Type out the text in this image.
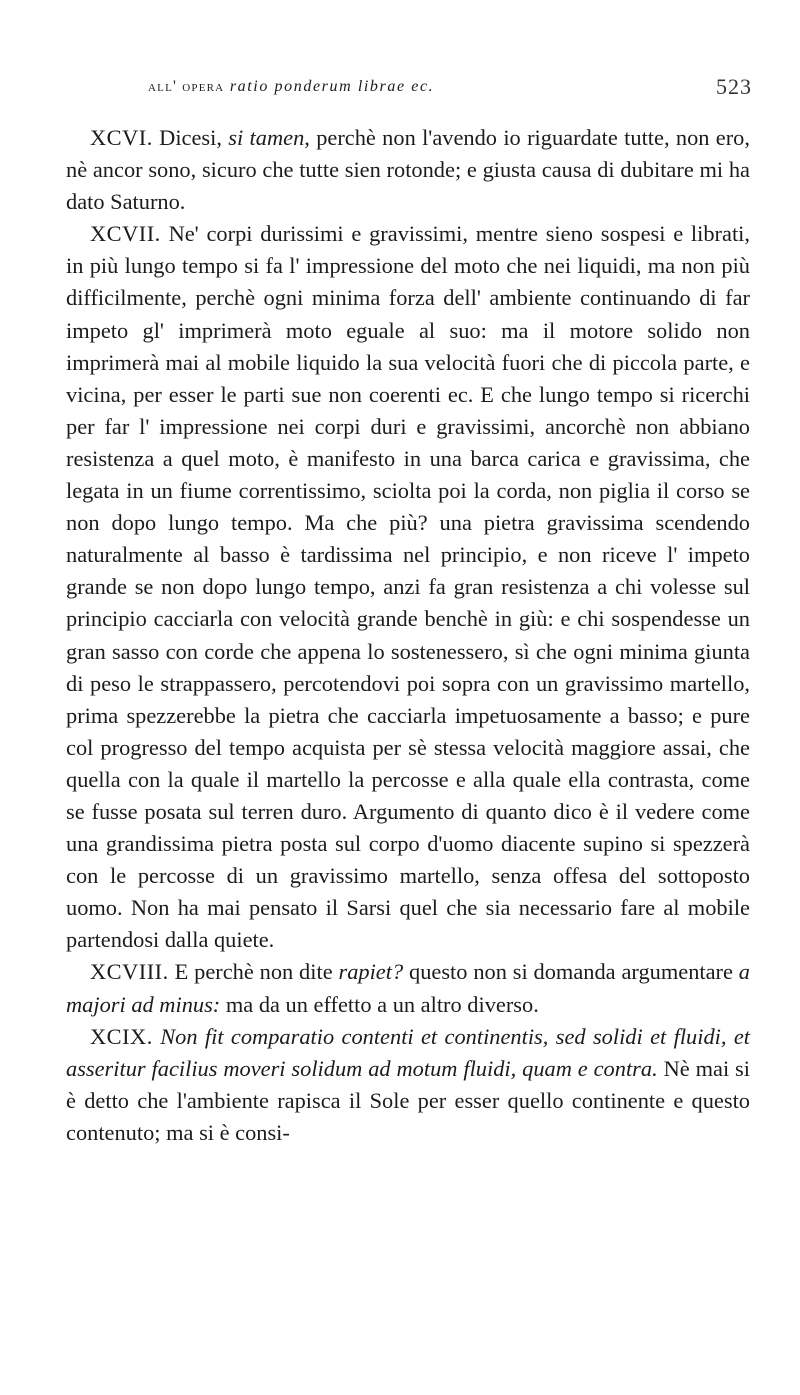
all' opera ratio ponderum librae ec.	523

XCVI. Dicesi, si tamen, perchè non l'avendo io riguardate tutte, non ero, nè ancor sono, sicuro che tutte sien rotonde; e giusta causa di dubitare mi ha dato Saturno.

XCVII. Ne' corpi durissimi e gravissimi, mentre sieno sospesi e librati, in più lungo tempo si fa l' impressione del moto che nei liquidi, ma non più difficilmente, perchè ogni minima forza dell' ambiente continuando di far impeto gl' imprimerà moto eguale al suo: ma il motore solido non imprimerà mai al mobile liquido la sua velocità fuori che di piccola parte, e vicina, per esser le parti sue non coerenti ec. E che lungo tempo si ricerchi per far l' impressione nei corpi duri e gravissimi, ancorchè non abbiano resistenza a quel moto, è manifesto in una barca carica e gravissima, che legata in un fiume correntissimo, sciolta poi la corda, non piglia il corso se non dopo lungo tempo. Ma che più? una pietra gravissima scendendo naturalmente al basso è tardissima nel principio, e non riceve l' impeto grande se non dopo lungo tempo, anzi fa gran resistenza a chi volesse sul principio cacciarla con velocità grande benchè in giù: e chi sospendesse un gran sasso con corde che appena lo sostenessero, sì che ogni minima giunta di peso le strappassero, percotendovi poi sopra con un gravissimo martello, prima spezzerebbe la pietra che cacciarla impetuosamente a basso; e pure col progresso del tempo acquista per sè stessa velocità maggiore assai, che quella con la quale il martello la percosse e alla quale ella contrasta, come se fusse posata sul terren duro. Argumento di quanto dico è il vedere come una grandissima pietra posta sul corpo d'uomo diacente supino si spezzerà con le percosse di un gravissimo martello, senza offesa del sottoposto uomo. Non ha mai pensato il Sarsi quel che sia necessario fare al mobile partendosi dalla quiete.

XCVIII. E perchè non dite rapiet? questo non si domanda argumentare a majori ad minus: ma da un effetto a un altro diverso.

XCIX. Non fit comparatio contenti et continentis, sed solidi et fluidi, et asseritur facilius moveri solidum ad motum fluidi, quam e contra. Nè mai si è detto che l'ambiente rapisca il Sole per esser quello continente e questo contenuto; ma si è consi-
